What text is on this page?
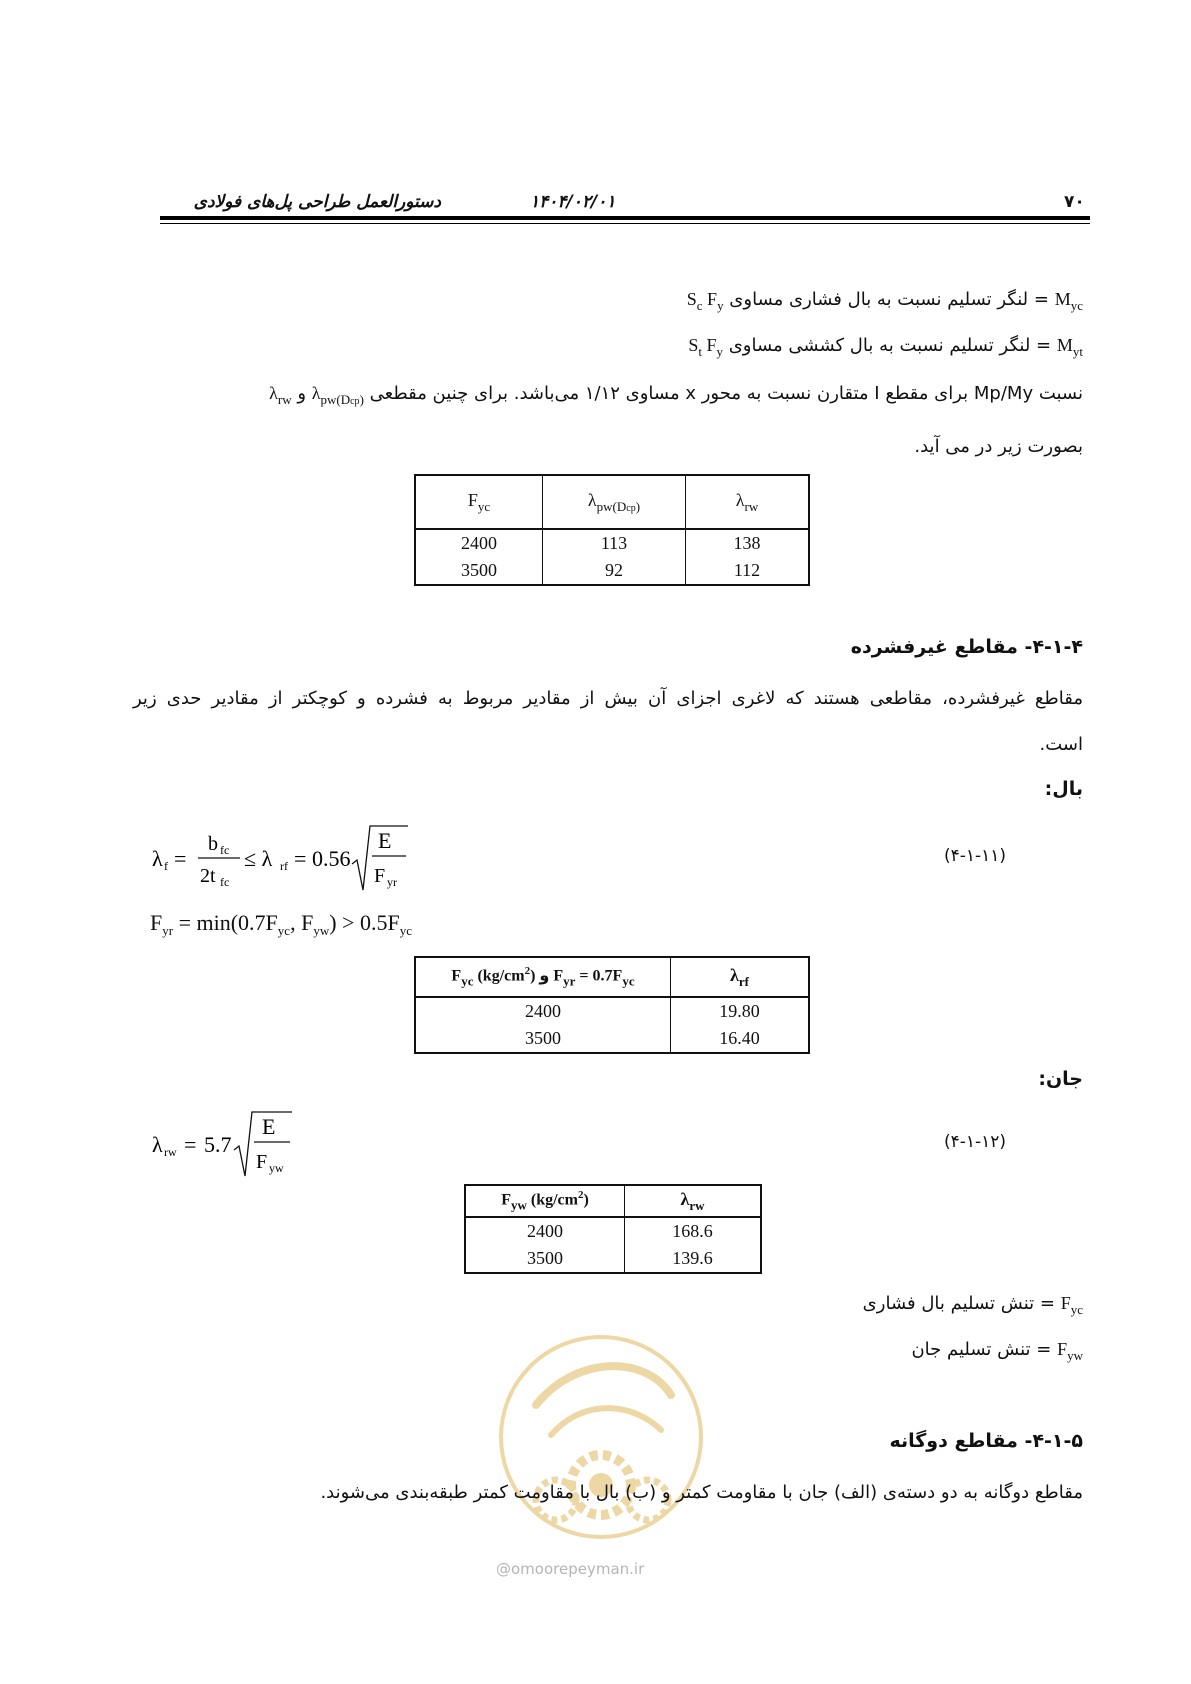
دستورالعمل طراحی پل‌های فولادی	۱۴۰۴/۰۲/۰۱	۷۰
$M_{yc}$ = لنگر تسلیم نسبت به بال فشاری مساوی $S_c$ $F_y$
$M_{yt}$ = لنگر تسلیم نسبت به بال کششی مساوی $S_t$ $F_y$
نسبت Mp/My برای مقطع I متقارن نسبت به محور x مساوی ۱/۱۲ می‌باشد. برای چنین مقطعی $\lambda_{pw(Dcp)}$ و $\lambda_{rw}$
بصورت زیر در می آید.
$F_{yc}$	$\lambda_{pw(Dcp)}$	$\lambda_{rw}$
2400	113	138
3500	92	112
۴-۱-۴- مقاطع غیرفشرده
مقاطع غیرفشرده، مقاطعی هستند که لاغری اجزای آن بیش از مقادیر مربوط به فشرده و کوچکتر از مقادیر حدی زیر
است.
بال:
λ f =
b fc
2t fc
≤ λ rf = 0.56
E
F yr
(۴-۱-۱۱)
$F_{yr} = \min(0.7F_{yc}$, $F_{yw}) > 0.5F_{yc}$
$F_{yc}$ $(kg/cm^2)$ و $F_{yr} = 0.7F_{yc}$	$\lambda_{rf}$
2400	19.80
3500	16.40
جان:
λ rw = 5.7
E
F yw
(۴-۱-۱۲)
$F_{yw}$ $(kg/cm^2)$	$\lambda_{rw}$
2400	168.6
3500	139.6
$F_{yc}$ = تنش تسلیم بال فشاری
$F_{yw}$ = تنش تسلیم جان
@omoorepeyman.ir
۴-۱-۵- مقاطع دوگانه
مقاطع دوگانه به دو دسته‌ی (الف) جان با مقاومت کمتر و (ب) بال با مقاومت کمتر طبقه‌بندی می‌شوند.
